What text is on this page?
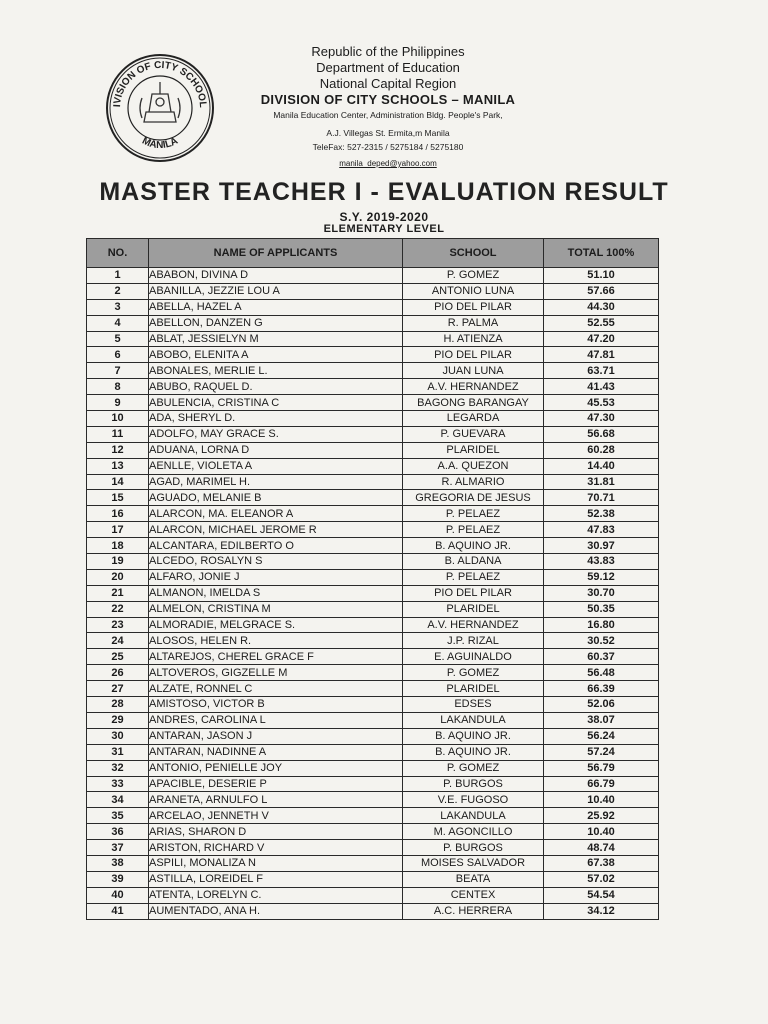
IVISION OF CITY SCHOOL
MANILA
Republic of the Philippines
Department of Education
National Capital Region
DIVISION OF CITY SCHOOLS – MANILA
Manila Education Center, Administration Bldg. People's Park,
A.J. Villegas St. Ermita,m Manila
TeleFax: 527-2315 / 5275184 / 5275180
manila_deped@yahoo.com
MASTER TEACHER I - EVALUATION RESULT
S.Y. 2019-2020
ELEMENTARY LEVEL
NO.	NAME OF APPLICANTS	SCHOOL	TOTAL 100%
1	ABABON, DIVINA D	P. GOMEZ	51.10
2	ABANILLA, JEZZIE LOU A	ANTONIO LUNA	57.66
3	ABELLA, HAZEL A	PIO DEL PILAR	44.30
4	ABELLON, DANZEN G	R. PALMA	52.55
5	ABLAT, JESSIELYN M	H. ATIENZA	47.20
6	ABOBO, ELENITA A	PIO DEL PILAR	47.81
7	ABONALES, MERLIE L.	JUAN LUNA	63.71
8	ABUBO, RAQUEL D.	A.V. HERNANDEZ	41.43
9	ABULENCIA, CRISTINA C	BAGONG BARANGAY	45.53
10	ADA, SHERYL D.	LEGARDA	47.30
11	ADOLFO, MAY GRACE S.	P. GUEVARA	56.68
12	ADUANA, LORNA D	PLARIDEL	60.28
13	AENLLE, VIOLETA A	A.A. QUEZON	14.40
14	AGAD, MARIMEL H.	R. ALMARIO	31.81
15	AGUADO, MELANIE B	GREGORIA DE JESUS	70.71
16	ALARCON, MA. ELEANOR A	P. PELAEZ	52.38
17	ALARCON, MICHAEL JEROME R	P. PELAEZ	47.83
18	ALCANTARA, EDILBERTO O	B. AQUINO JR.	30.97
19	ALCEDO, ROSALYN S	B. ALDANA	43.83
20	ALFARO, JONIE J	P. PELAEZ	59.12
21	ALMANON, IMELDA S	PIO DEL PILAR	30.70
22	ALMELON, CRISTINA M	PLARIDEL	50.35
23	ALMORADIE, MELGRACE S.	A.V. HERNANDEZ	16.80
24	ALOSOS, HELEN R.	J.P. RIZAL	30.52
25	ALTAREJOS, CHEREL GRACE F	E. AGUINALDO	60.37
26	ALTOVEROS, GIGZELLE M	P. GOMEZ	56.48
27	ALZATE, RONNEL C	PLARIDEL	66.39
28	AMISTOSO, VICTOR B	EDSES	52.06
29	ANDRES, CAROLINA L	LAKANDULA	38.07
30	ANTARAN, JASON J	B. AQUINO JR.	56.24
31	ANTARAN, NADINNE A	B. AQUINO JR.	57.24
32	ANTONIO, PENIELLE JOY	P. GOMEZ	56.79
33	APACIBLE, DESERIE P	P. BURGOS	66.79
34	ARANETA, ARNULFO L	V.E. FUGOSO	10.40
35	ARCELAO, JENNETH V	LAKANDULA	25.92
36	ARIAS, SHARON D	M. AGONCILLO	10.40
37	ARISTON, RICHARD V	P. BURGOS	48.74
38	ASPILI, MONALIZA N	MOISES SALVADOR	67.38
39	ASTILLA, LOREIDEL F	BEATA	57.02
40	ATENTA, LORELYN C.	CENTEX	54.54
41	AUMENTADO, ANA H.	A.C. HERRERA	34.12
